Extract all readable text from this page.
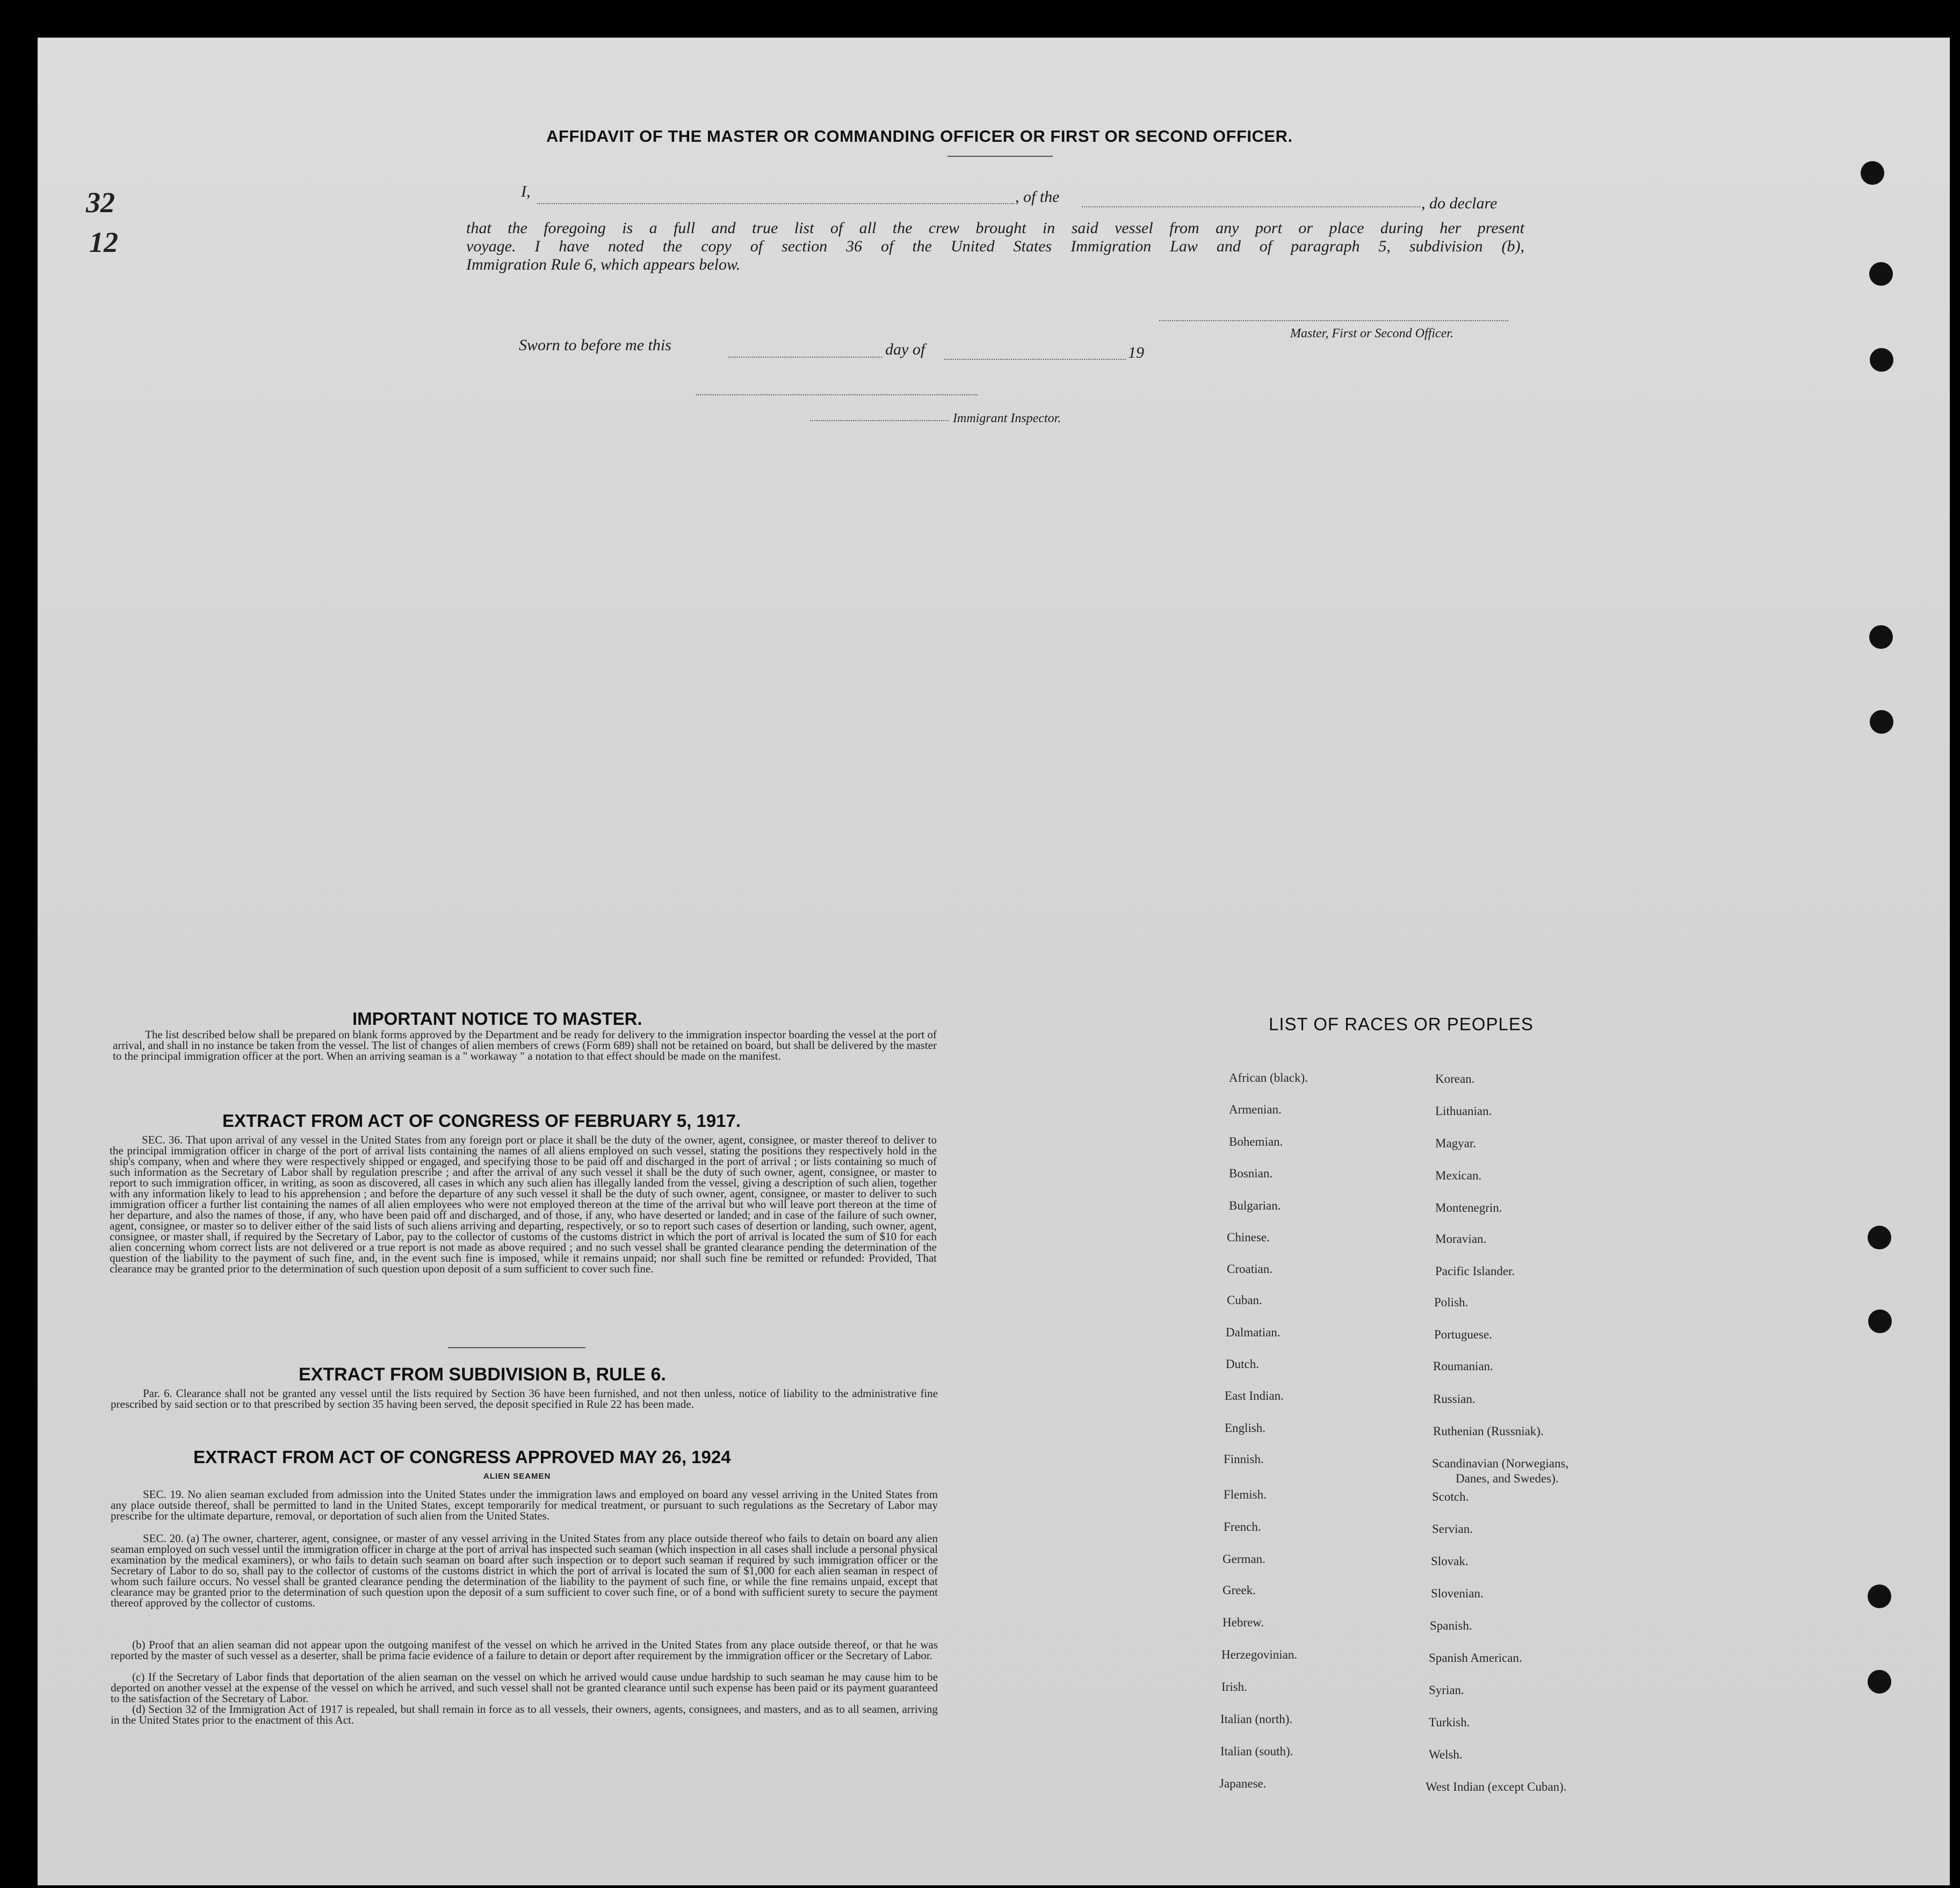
32
12
AFFIDAVIT OF THE MASTER OR COMMANDING OFFICER OR FIRST OR SECOND OFFICER.
I,	, of the	, do declare
that the foregoing is a full and true list of all the crew brought in said vessel from any port or place during her present
voyage. I have noted the copy of section 36 of the United States Immigration Law and of paragraph 5, subdivision (b),
Immigration Rule 6, which appears below.
Master, First or Second Officer.
Sworn to before me this	day of	19
Immigrant Inspector.
IMPORTANT NOTICE TO MASTER.
The list described below shall be prepared on blank forms approved by the Department and be ready for delivery to the immigration inspector boarding the vessel at the port of arrival, and shall in no instance be taken from the vessel. The list of changes of alien members of crews (Form 689) shall not be retained on board, but shall be delivered by the master to the principal immigration officer at the port. When an arriving seaman is a " workaway " a notation to that effect should be made on the manifest.
EXTRACT FROM ACT OF CONGRESS OF FEBRUARY 5, 1917.
SEC. 36. That upon arrival of any vessel in the United States from any foreign port or place it shall be the duty of the owner, agent, consignee, or master thereof to deliver to the principal immigration officer in charge of the port of arrival lists containing the names of all aliens employed on such vessel, stating the positions they respectively hold in the ship's company, when and where they were respectively shipped or engaged, and specifying those to be paid off and discharged in the port of arrival ; or lists containing so much of such information as the Secretary of Labor shall by regulation prescribe ; and after the arrival of any such vessel it shall be the duty of such owner, agent, consignee, or master to report to such immigration officer, in writing, as soon as discovered, all cases in which any such alien has illegally landed from the vessel, giving a description of such alien, together with any information likely to lead to his apprehension ; and before the departure of any such vessel it shall be the duty of such owner, agent, consignee, or master to deliver to such immigration officer a further list containing the names of all alien employees who were not employed thereon at the time of the arrival but who will leave port thereon at the time of her departure, and also the names of those, if any, who have been paid off and discharged, and of those, if any, who have deserted or landed; and in case of the failure of such owner, agent, consignee, or master so to deliver either of the said lists of such aliens arriving and departing, respectively, or so to report such cases of desertion or landing, such owner, agent, consignee, or master shall, if required by the Secretary of Labor, pay to the collector of customs of the customs district in which the port of arrival is located the sum of $10 for each alien concerning whom correct lists are not delivered or a true report is not made as above required ; and no such vessel shall be granted clearance pending the determination of the question of the liability to the payment of such fine, and, in the event such fine is imposed, while it remains unpaid; nor shall such fine be remitted or refunded: Provided, That clearance may be granted prior to the determination of such question upon deposit of a sum sufficient to cover such fine.
EXTRACT FROM SUBDIVISION B, RULE 6.
Par. 6. Clearance shall not be granted any vessel until the lists required by Section 36 have been furnished, and not then unless, notice of liability to the administrative fine prescribed by said section or to that prescribed by section 35 having been served, the deposit specified in Rule 22 has been made.
EXTRACT FROM ACT OF CONGRESS APPROVED MAY 26, 1924
ALIEN SEAMEN
SEC. 19. No alien seaman excluded from admission into the United States under the immigration laws and employed on board any vessel arriving in the United States from any place outside thereof, shall be permitted to land in the United States, except temporarily for medical treatment, or pursuant to such regulations as the Secretary of Labor may prescribe for the ultimate departure, removal, or deportation of such alien from the United States.
SEC. 20. (a) The owner, charterer, agent, consignee, or master of any vessel arriving in the United States from any place outside thereof who fails to detain on board any alien seaman employed on such vessel until the immigration officer in charge at the port of arrival has inspected such seaman (which inspection in all cases shall include a personal physical examination by the medical examiners), or who fails to detain such seaman on board after such inspection or to deport such seaman if required by such immigration officer or the Secretary of Labor to do so, shall pay to the collector of customs of the customs district in which the port of arrival is located the sum of $1,000 for each alien seaman in respect of whom such failure occurs. No vessel shall be granted clearance pending the determination of the liability to the payment of such fine, or while the fine remains unpaid, except that clearance may be granted prior to the determination of such question upon the deposit of a sum sufficient to cover such fine, or of a bond with sufficient surety to secure the payment thereof approved by the collector of customs.
(b) Proof that an alien seaman did not appear upon the outgoing manifest of the vessel on which he arrived in the United States from any place outside thereof, or that he was reported by the master of such vessel as a deserter, shall be prima facie evidence of a failure to detain or deport after requirement by the immigration officer or the Secretary of Labor.
(c) If the Secretary of Labor finds that deportation of the alien seaman on the vessel on which he arrived would cause undue hardship to such seaman he may cause him to be deported on another vessel at the expense of the vessel on which he arrived, and such vessel shall not be granted clearance until such expense has been paid or its payment guaranteed to the satisfaction of the Secretary of Labor.
(d) Section 32 of the Immigration Act of 1917 is repealed, but shall remain in force as to all vessels, their owners, agents, consignees, and masters, and as to all seamen, arriving in the United States prior to the enactment of this Act.
LIST OF RACES OR PEOPLES
African (black).
Armenian.
Bohemian.
Bosnian.
Bulgarian.
Chinese.
Croatian.
Cuban.
Dalmatian.
Dutch.
East Indian.
English.
Finnish.
Flemish.
French.
German.
Greek.
Hebrew.
Herzegovinian.
Irish.
Italian (north).
Italian (south).
Japanese.
Korean.
Lithuanian.
Magyar.
Mexican.
Montenegrin.
Moravian.
Pacific Islander.
Polish.
Portuguese.
Roumanian.
Russian.
Ruthenian (Russniak).
Scandinavian (Norwegians,
Danes, and Swedes).
Scotch.
Servian.
Slovak.
Slovenian.
Spanish.
Spanish American.
Syrian.
Turkish.
Welsh.
West Indian (except Cuban).
